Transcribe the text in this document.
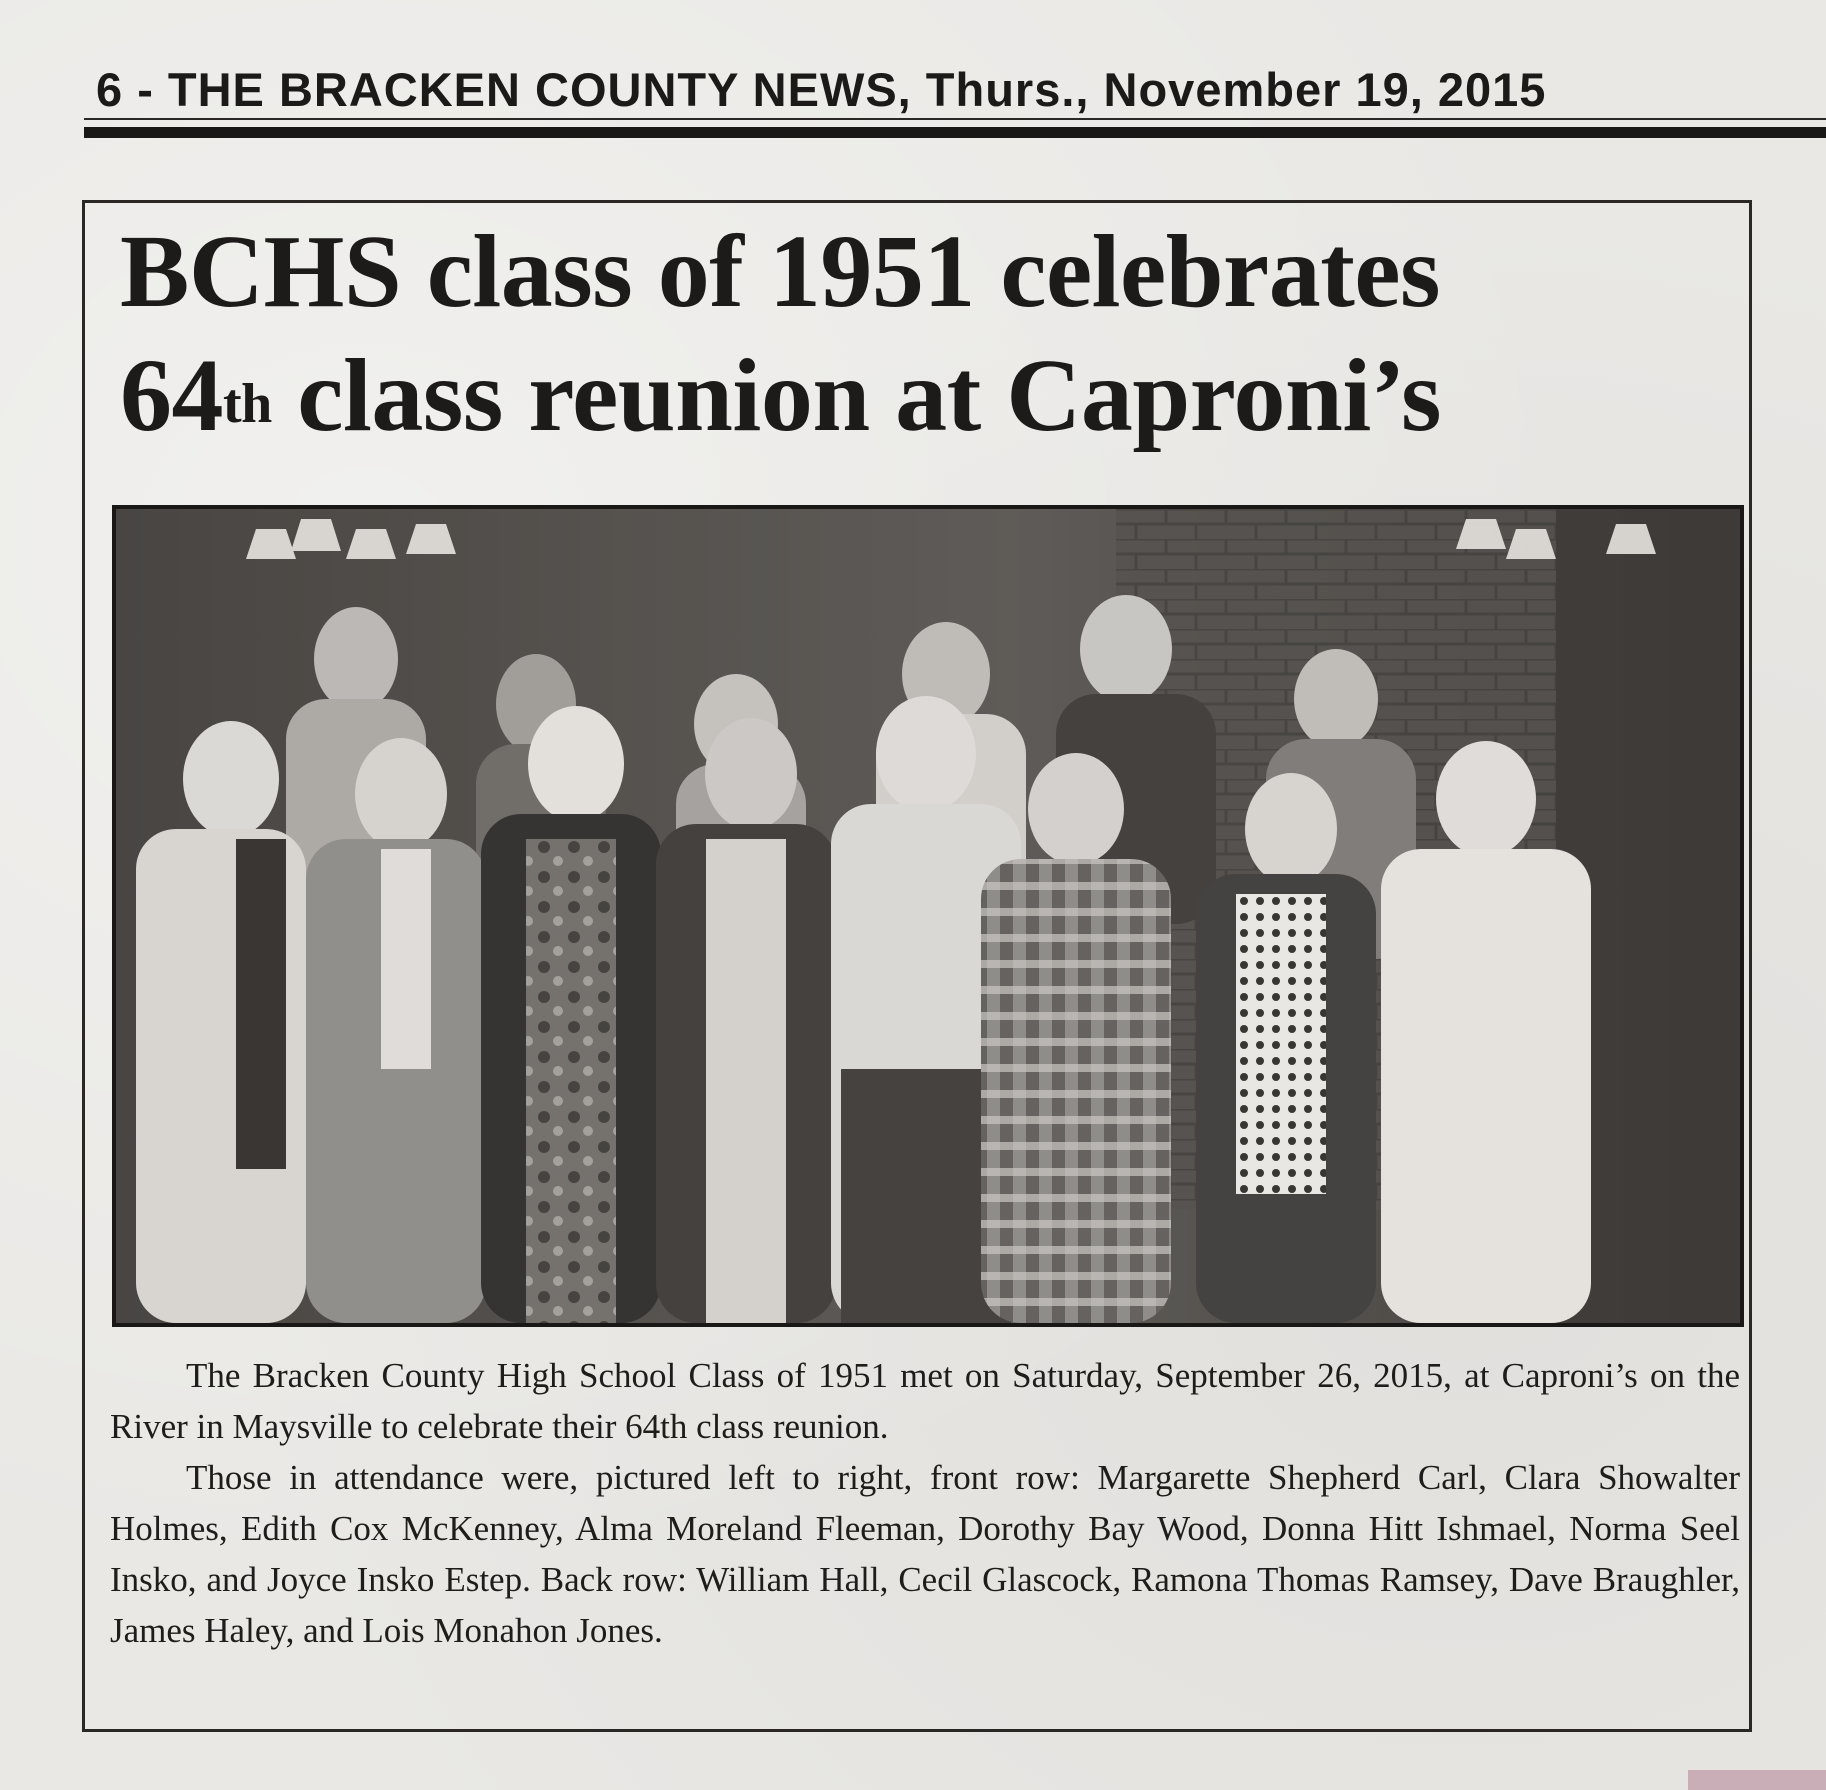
6 - THE BRACKEN COUNTY NEWS, Thurs., November 19, 2015
BCHS class of 1951 celebrates
64th class reunion at Caproni’s

The Bracken County High School Class of 1951 met on Saturday, September 26, 2015, at Caproni’s on the River in Maysville to celebrate their 64th class reunion.

Those in attendance were, pictured left to right, front row: Margarette Shepherd Carl, Clara Showalter Holmes, Edith Cox McKenney, Alma Moreland Fleeman, Dorothy Bay Wood, Donna Hitt Ishmael, Norma Seel Insko, and Joyce Insko Estep. Back row: William Hall, Cecil Glascock, Ramona Thomas Ramsey, Dave Braughler, James Haley, and Lois Monahon Jones.
